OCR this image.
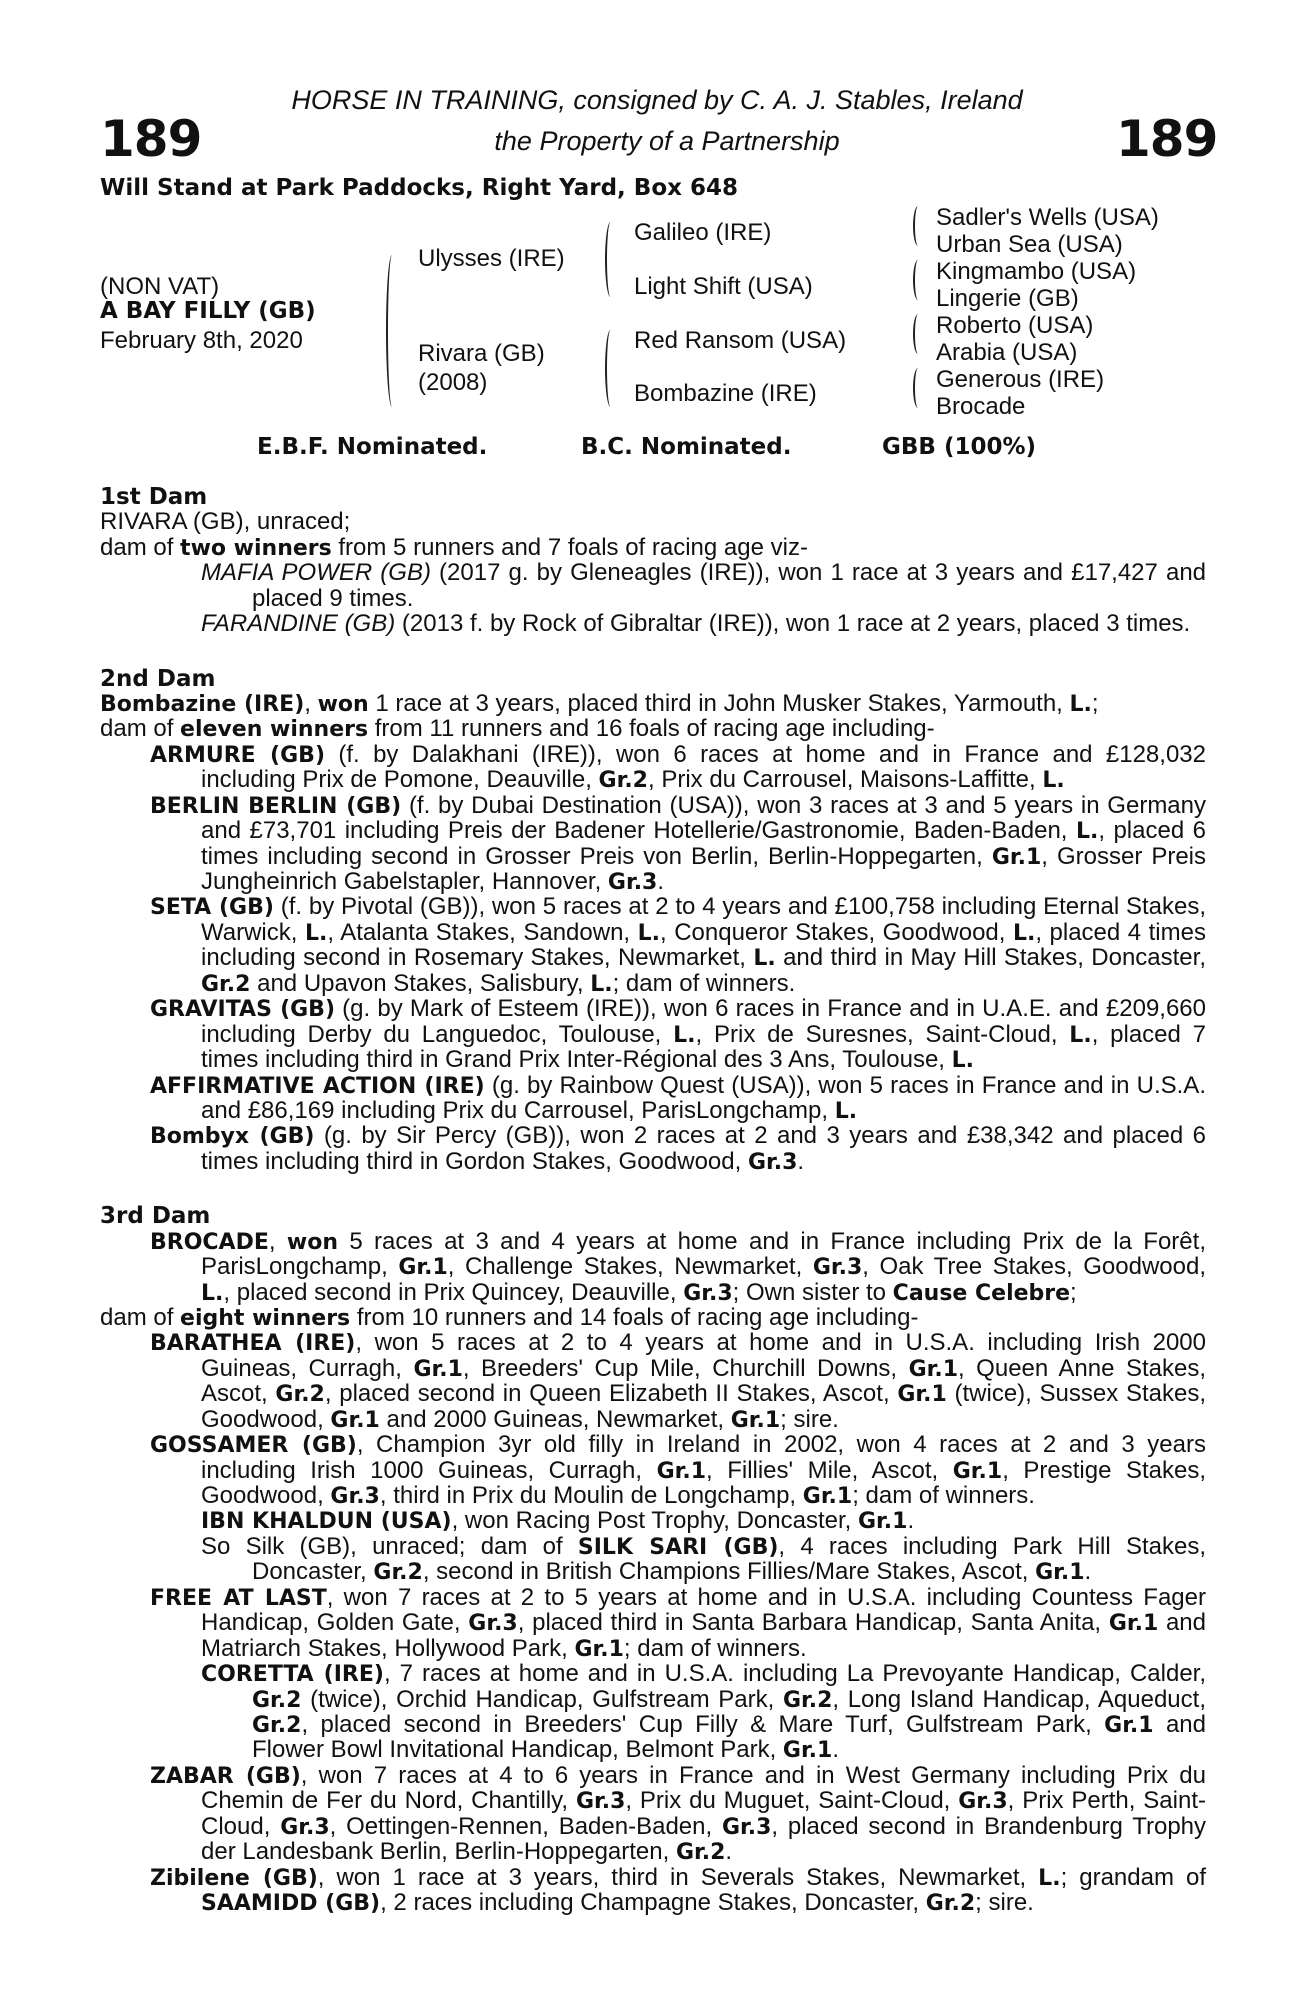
189	189
HORSE IN TRAINING, consigned by C. A. J. Stables, Ireland
the Property of a Partnership
Will Stand at Park Paddocks, Right Yard, Box 648
(NON VAT)
A BAY FILLY (GB)
February 8th, 2020
Ulysses (IRE)
Rivara (GB)
(2008)
Galileo (IRE)
Light Shift (USA)
Red Ransom (USA)
Bombazine (IRE)
Sadler's Wells (USA)
Urban Sea (USA)
Kingmambo (USA)
Lingerie (GB)
Roberto (USA)
Arabia (USA)
Generous (IRE)
Brocade
E.B.F. Nominated.	B.C. Nominated.	GBB (100%)
1st Dam

RIVARA (GB), unraced;

dam of two winners from 5 runners and 7 foals of racing age viz-

MAFIA POWER (GB) (2017 g. by Gleneagles (IRE)), won 1 race at 3 years and £17,427 and placed 9 times.

FARANDINE (GB) (2013 f. by Rock of Gibraltar (IRE)), won 1 race at 2 years, placed 3 times.

2nd Dam

Bombazine (IRE), won 1 race at 3 years, placed third in John Musker Stakes, Yarmouth, L.;

dam of eleven winners from 11 runners and 16 foals of racing age including-

ARMURE (GB) (f. by Dalakhani (IRE)), won 6 races at home and in France and £128,032 including Prix de Pomone, Deauville, Gr.2, Prix du Carrousel, Maisons-Laffitte, L.

BERLIN BERLIN (GB) (f. by Dubai Destination (USA)), won 3 races at 3 and 5 years in Germany and £73,701 including Preis der Badener Hotellerie/Gastronomie, Baden-Baden, L., placed 6 times including second in Grosser Preis von Berlin, Berlin-Hoppegarten, Gr.1, Grosser Preis Jungheinrich Gabelstapler, Hannover, Gr.3.

SETA (GB) (f. by Pivotal (GB)), won 5 races at 2 to 4 years and £100,758 including Eternal Stakes, Warwick, L., Atalanta Stakes, Sandown, L., Conqueror Stakes, Goodwood, L., placed 4 times including second in Rosemary Stakes, Newmarket, L. and third in May Hill Stakes, Doncaster, Gr.2 and Upavon Stakes, Salisbury, L.; dam of winners.

GRAVITAS (GB) (g. by Mark of Esteem (IRE)), won 6 races in France and in U.A.E. and £209,660 including Derby du Languedoc, Toulouse, L., Prix de Suresnes, Saint-Cloud, L., placed 7 times including third in Grand Prix Inter-Régional des 3 Ans, Toulouse, L.

AFFIRMATIVE ACTION (IRE) (g. by Rainbow Quest (USA)), won 5 races in France and in U.S.A. and £86,169 including Prix du Carrousel, ParisLongchamp, L.

Bombyx (GB) (g. by Sir Percy (GB)), won 2 races at 2 and 3 years and £38,342 and placed 6 times including third in Gordon Stakes, Goodwood, Gr.3.

3rd Dam

BROCADE, won 5 races at 3 and 4 years at home and in France including Prix de la Forêt, ParisLongchamp, Gr.1, Challenge Stakes, Newmarket, Gr.3, Oak Tree Stakes, Goodwood, L., placed second in Prix Quincey, Deauville, Gr.3; Own sister to Cause Celebre;

dam of eight winners from 10 runners and 14 foals of racing age including-

BARATHEA (IRE), won 5 races at 2 to 4 years at home and in U.S.A. including Irish 2000 Guineas, Curragh, Gr.1, Breeders' Cup Mile, Churchill Downs, Gr.1, Queen Anne Stakes, Ascot, Gr.2, placed second in Queen Elizabeth II Stakes, Ascot, Gr.1 (twice), Sussex Stakes, Goodwood, Gr.1 and 2000 Guineas, Newmarket, Gr.1; sire.

GOSSAMER (GB), Champion 3yr old filly in Ireland in 2002, won 4 races at 2 and 3 years including Irish 1000 Guineas, Curragh, Gr.1, Fillies' Mile, Ascot, Gr.1, Prestige Stakes, Goodwood, Gr.3, third in Prix du Moulin de Longchamp, Gr.1; dam of winners.

IBN KHALDUN (USA), won Racing Post Trophy, Doncaster, Gr.1.

So Silk (GB), unraced; dam of SILK SARI (GB), 4 races including Park Hill Stakes, Doncaster, Gr.2, second in British Champions Fillies/Mare Stakes, Ascot, Gr.1.

FREE AT LAST, won 7 races at 2 to 5 years at home and in U.S.A. including Countess Fager Handicap, Golden Gate, Gr.3, placed third in Santa Barbara Handicap, Santa Anita, Gr.1 and Matriarch Stakes, Hollywood Park, Gr.1; dam of winners.

CORETTA (IRE), 7 races at home and in U.S.A. including La Prevoyante Handicap, Calder, Gr.2 (twice), Orchid Handicap, Gulfstream Park, Gr.2, Long Island Handicap, Aqueduct, Gr.2, placed second in Breeders' Cup Filly & Mare Turf, Gulfstream Park, Gr.1 and Flower Bowl Invitational Handicap, Belmont Park, Gr.1.

ZABAR (GB), won 7 races at 4 to 6 years in France and in West Germany including Prix du Chemin de Fer du Nord, Chantilly, Gr.3, Prix du Muguet, Saint-Cloud, Gr.3, Prix Perth, Saint-Cloud, Gr.3, Oettingen-Rennen, Baden-Baden, Gr.3, placed second in Brandenburg Trophy der Landesbank Berlin, Berlin-Hoppegarten, Gr.2.

Zibilene (GB), won 1 race at 3 years, third in Severals Stakes, Newmarket, L.; grandam of SAAMIDD (GB), 2 races including Champagne Stakes, Doncaster, Gr.2; sire.
